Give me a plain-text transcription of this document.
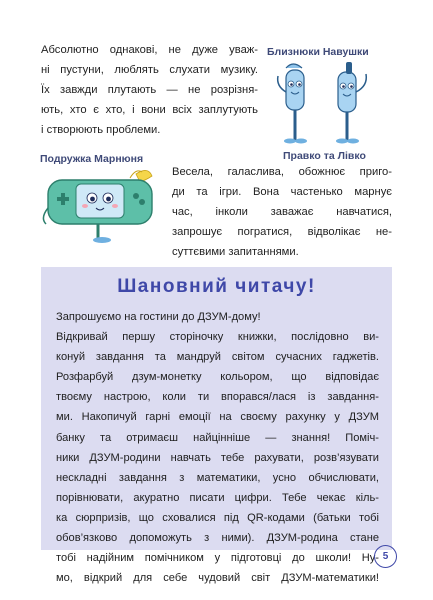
Абсолютно однакові, не дуже уваж-
ні пустуни, люблять слухати музику.
Їх завжди плутають — не розрізня-
ють, хто є хто, і вони всіх заплутують
і створюють проблеми.
Близнюки Навушки
Правко та Лівко
Подружка Марнюня
Весела, галаслива, обожнює приго-
ди та ігри. Вона частенько марнує
час, інколи заважає навчатися,
запрошує погратися, відволікає не-
суттєвими запитаннями.
Шановний читачу!
Запрошуємо на гостини до ДЗУМ-дому!
Відкривай першу сторіночку книжки, послідовно ви-
конуй завдання та мандруй світом сучасних гаджетів.
Розфарбуй дзум-монетку кольором, що відповідає
твоєму настрою, коли ти впорався/лася із завдання-
ми. Накопичуй гарні емоції на своєму рахунку у ДЗУМ
банку та отримаєш найцінніше — знання! Поміч-
ники ДЗУМ-родини навчать тебе рахувати, розв’язувати
нескладні завдання з математики, усно обчислювати,
порівнювати, акуратно писати цифри. Тебе чекає кіль-
ка сюрпризів, що сховалися під QR-кодами (батьки тобі
обов’язково допоможуть з ними). ДЗУМ-родина стане
тобі надійним помічником у підготовці до школи! Ну-
мо, відкрий для себе чудовий світ ДЗУМ-математики!
5
